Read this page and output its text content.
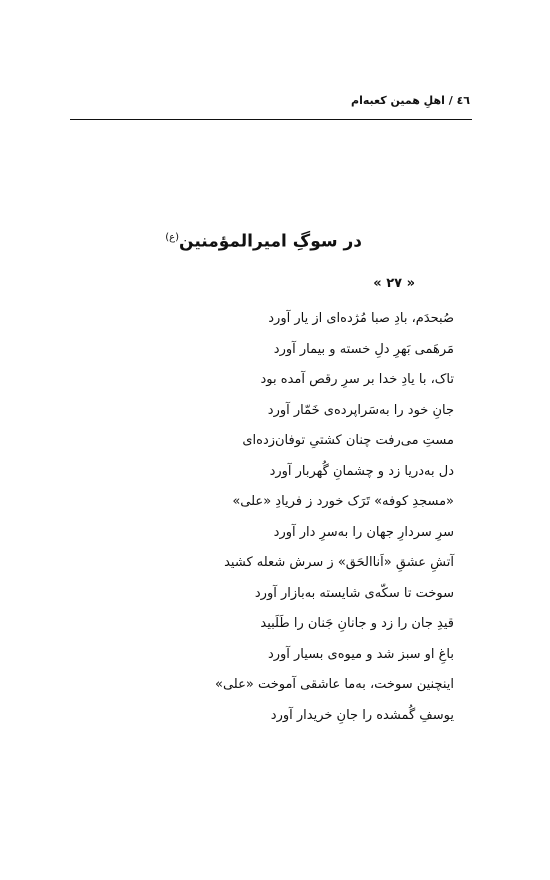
٤٦ / اهلِ همین کعبه‌ام
در سوگِ امیرالمؤمنین$^{(ع)}$
« ۲۷ »
صُبحدَم، بادِ صبا مُژده‌ای از یار آورد
مَرهَمی بَهرِ دلِ خسته و بیمار آورد
تاک، با یادِ خدا بر سرِ رقص آمده بود
جانِ خود را به‌سَراپرده‌ی خَمّار آورد
مستِ می‌رفت چنان کشتیِ توفان‌زده‌ای
دل به‌دریا زد و چشمانِ گُهربار آورد
«مسجدِ کوفه» تَرَک خورد ز فریادِ «علی»
سرِ سردارِ جهان را به‌سرِ دار آورد
آتشِ عشقِ «اَناالحَق» ز سرش شعله کشید
سوخت تا سکّه‌ی شایسته به‌بازار آورد
قیدِ جان را زد و جانانِ جَنان را طَلَبید
باغِ او سبز شد و میوه‌ی بسیار آورد
اینچنین سوخت، به‌ما عاشقی آموخت «علی»
یوسفِ گُمشده را جانِ خریدار آورد
